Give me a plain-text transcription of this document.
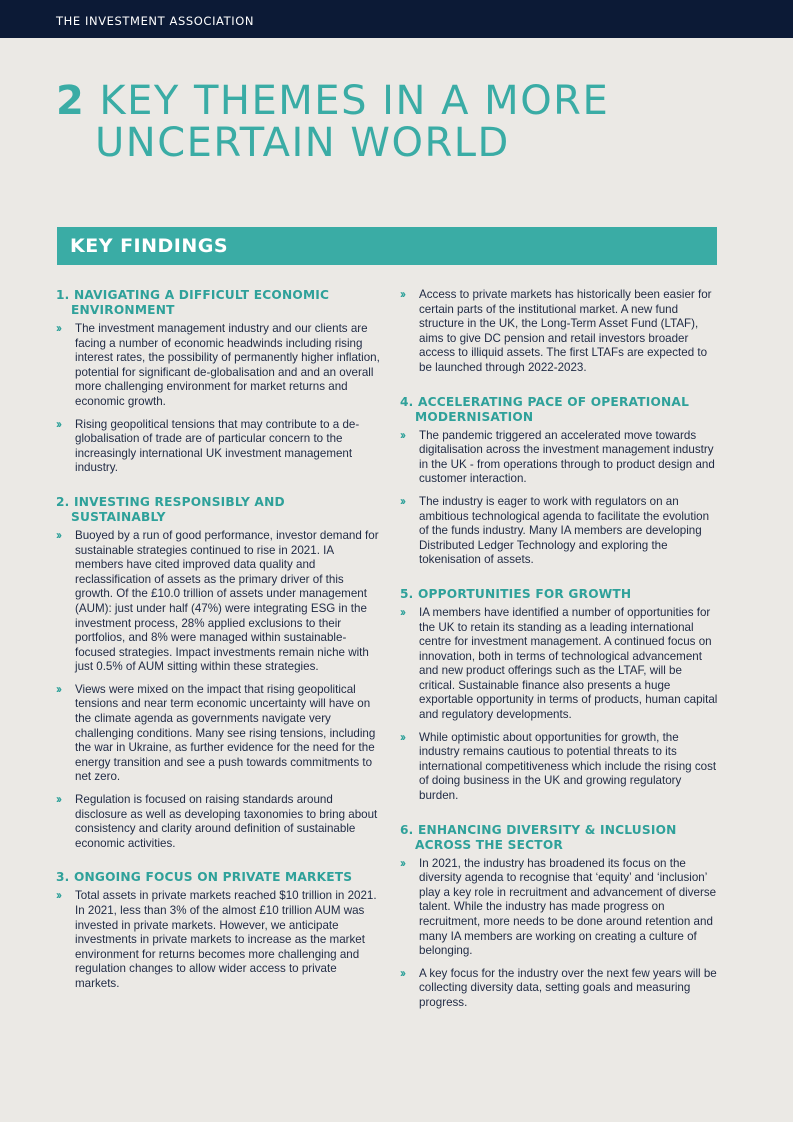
THE INVESTMENT ASSOCIATION
2 KEY THEMES IN A MORE
UNCERTAIN WORLD
KEY FINDINGS
1. NAVIGATING A DIFFICULT ECONOMIC ENVIRONMENT
›› The investment management industry and our clients are facing a number of economic headwinds including rising interest rates, the possibility of permanently higher inflation, potential for significant de-globalisation and and an overall more challenging environment for market returns and economic growth.
›› Rising geopolitical tensions that may contribute to a de-globalisation of trade are of particular concern to the increasingly international UK investment management industry.
2. INVESTING RESPONSIBLY AND SUSTAINABLY
›› Buoyed by a run of good performance, investor demand for sustainable strategies continued to rise in 2021. IA members have cited improved data quality and reclassification of assets as the primary driver of this growth. Of the £10.0 trillion of assets under management (AUM): just under half (47%) were integrating ESG in the investment process, 28% applied exclusions to their portfolios, and 8% were managed within sustainable-focused strategies. Impact investments remain niche with just 0.5% of AUM sitting within these strategies.
›› Views were mixed on the impact that rising geopolitical tensions and near term economic uncertainty will have on the climate agenda as governments navigate very challenging conditions. Many see rising tensions, including the war in Ukraine, as further evidence for the need for the energy transition and see a push towards commitments to net zero.
›› Regulation is focused on raising standards around disclosure as well as developing taxonomies to bring about consistency and clarity around definition of sustainable economic activities.
3. ONGOING FOCUS ON PRIVATE MARKETS
›› Total assets in private markets reached $10 trillion in 2021. In 2021, less than 3% of the almost £10 trillion AUM was invested in private markets. However, we anticipate investments in private markets to increase as the market environment for returns becomes more challenging and regulation changes to allow wider access to private markets.
›› Access to private markets has historically been easier for certain parts of the institutional market. A new fund structure in the UK, the Long-Term Asset Fund (LTAF), aims to give DC pension and retail investors broader access to illiquid assets. The first LTAFs are expected to be launched through 2022-2023.
4. ACCELERATING PACE OF OPERATIONAL MODERNISATION
›› The pandemic triggered an accelerated move towards digitalisation across the investment management industry in the UK - from operations through to product design and customer interaction.
›› The industry is eager to work with regulators on an ambitious technological agenda to facilitate the evolution of the funds industry. Many IA members are developing Distributed Ledger Technology and exploring the tokenisation of assets.
5. OPPORTUNITIES FOR GROWTH
›› IA members have identified a number of opportunities for the UK to retain its standing as a leading international centre for investment management. A continued focus on innovation, both in terms of technological advancement and new product offerings such as the LTAF, will be critical. Sustainable finance also presents a huge exportable opportunity in terms of products, human capital and regulatory developments.
›› While optimistic about opportunities for growth, the industry remains cautious to potential threats to its international competitiveness which include the rising cost of doing business in the UK and growing regulatory burden.
6. ENHANCING DIVERSITY & INCLUSION ACROSS THE SECTOR
›› In 2021, the industry has broadened its focus on the diversity agenda to recognise that ‘equity’ and ‘inclusion’ play a key role in recruitment and advancement of diverse talent. While the industry has made progress on recruitment, more needs to be done around retention and many IA members are working on creating a culture of belonging.
›› A key focus for the industry over the next few years will be collecting diversity data, setting goals and measuring progress.
